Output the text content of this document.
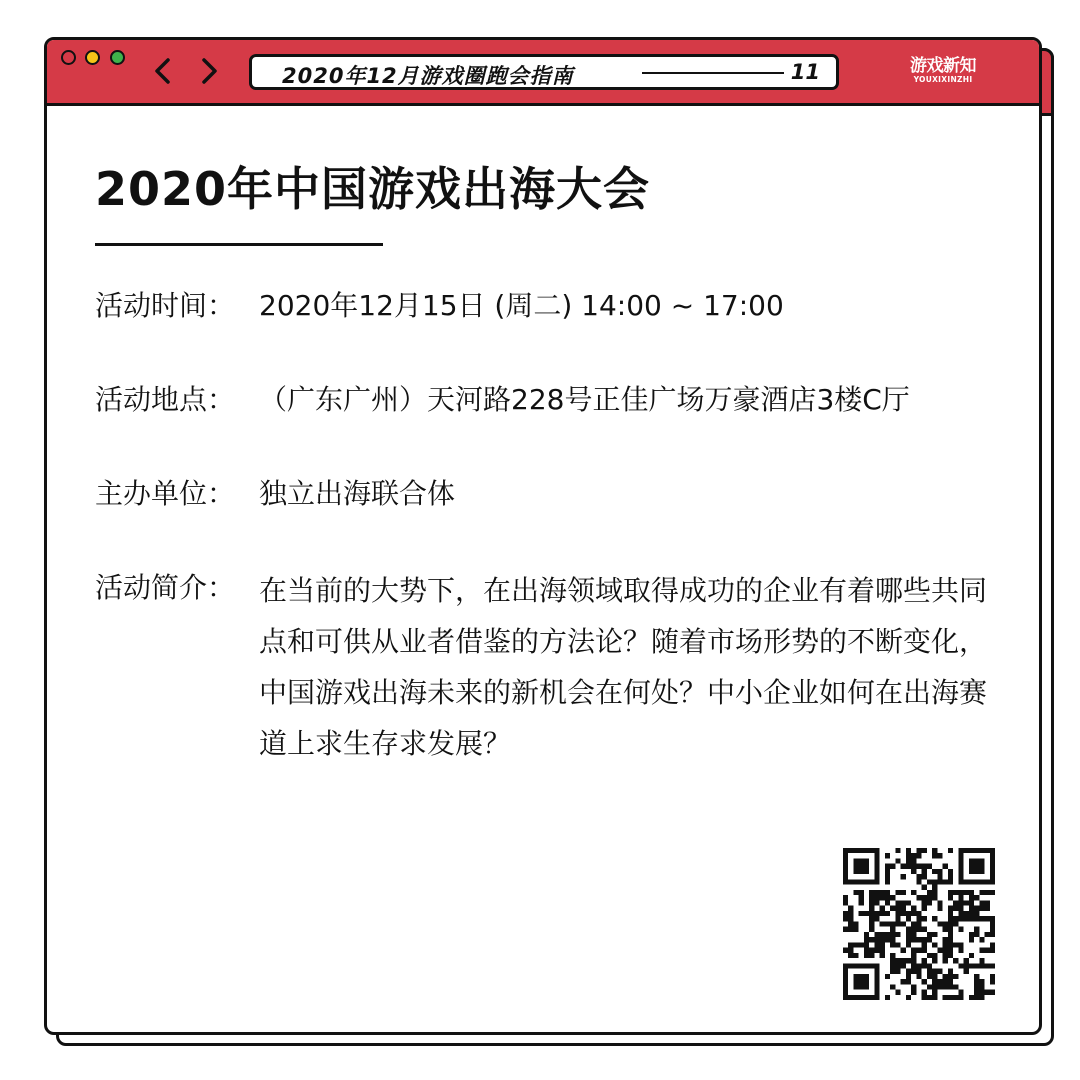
2020年12月游戏圈跑会指南	11	游戏新知
YOUXIXINZHI
2020年中国游戏出海大会
活动时间： 2020年12月15日 (周二) 14:00 ~ 17:00
活动地点： （广东广州）天河路228号正佳广场万豪酒店3楼C厅
主办单位： 独立出海联合体
活动简介： 在当前的大势下，在出海领域取得成功的企业有着哪些共同点和可供从业者借鉴的方法论？随着市场形势的不断变化，中国游戏出海未来的新机会在何处？中小企业如何在出海赛道上求生存求发展？
